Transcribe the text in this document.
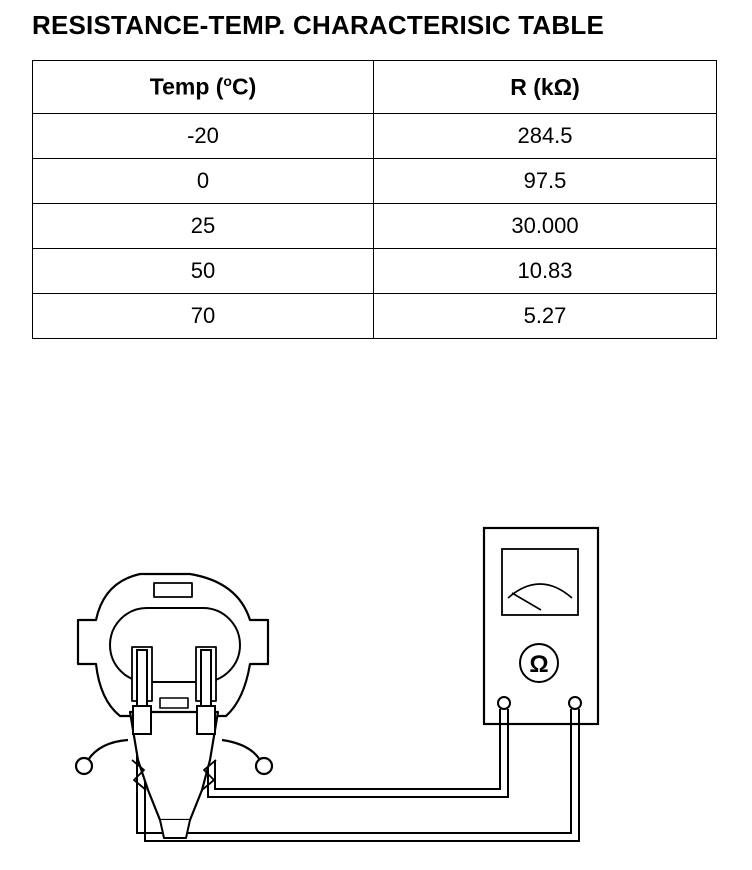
RESISTANCE-TEMP. CHARACTERISIC TABLE
Temp ($^o$C)	R (kΩ)
-20	284.5
0	97.5
25	30.000
50	10.83
70	5.27
Ω
